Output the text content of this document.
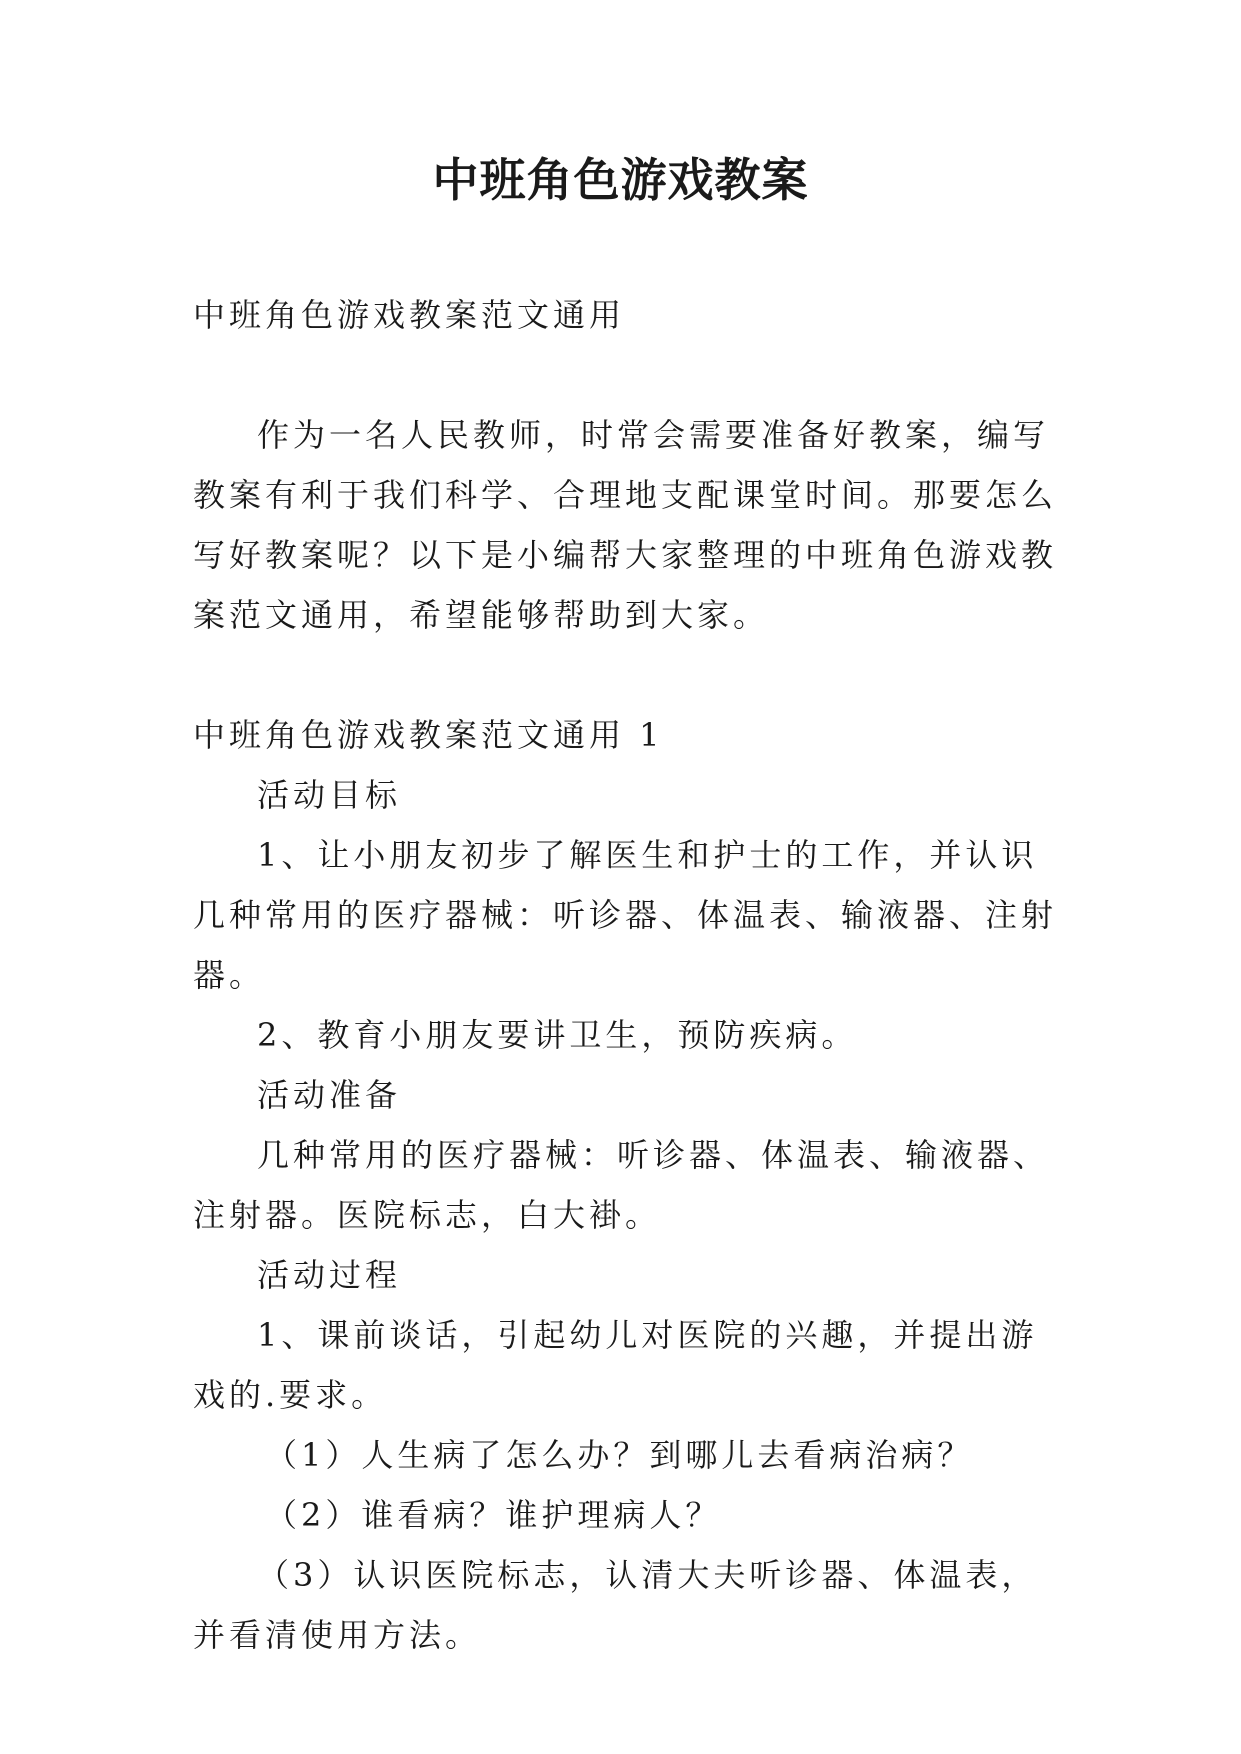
中班角色游戏教案

中班角色游戏教案范文通用

作为一名人民教师，时常会需要准备好教案，编写教案有利于我们科学、合理地支配课堂时间。那要怎么写好教案呢？以下是小编帮大家整理的中班角色游戏教案范文通用，希望能够帮助到大家。

中班角色游戏教案范文通用 1

活动目标

1、让小朋友初步了解医生和护士的工作，并认识几种常用的医疗器械：听诊器、体温表、输液器、注射器。

2、教育小朋友要讲卫生，预防疾病。

活动准备

几种常用的医疗器械：听诊器、体温表、输液器、注射器。医院标志，白大褂。

活动过程

1、课前谈话，引起幼儿对医院的兴趣，并提出游戏的.要求。

（1）人生病了怎么办？到哪儿去看病治病？

（2）谁看病？谁护理病人？

（3）认识医院标志，认清大夫听诊器、体温表，并看清使用方法。
